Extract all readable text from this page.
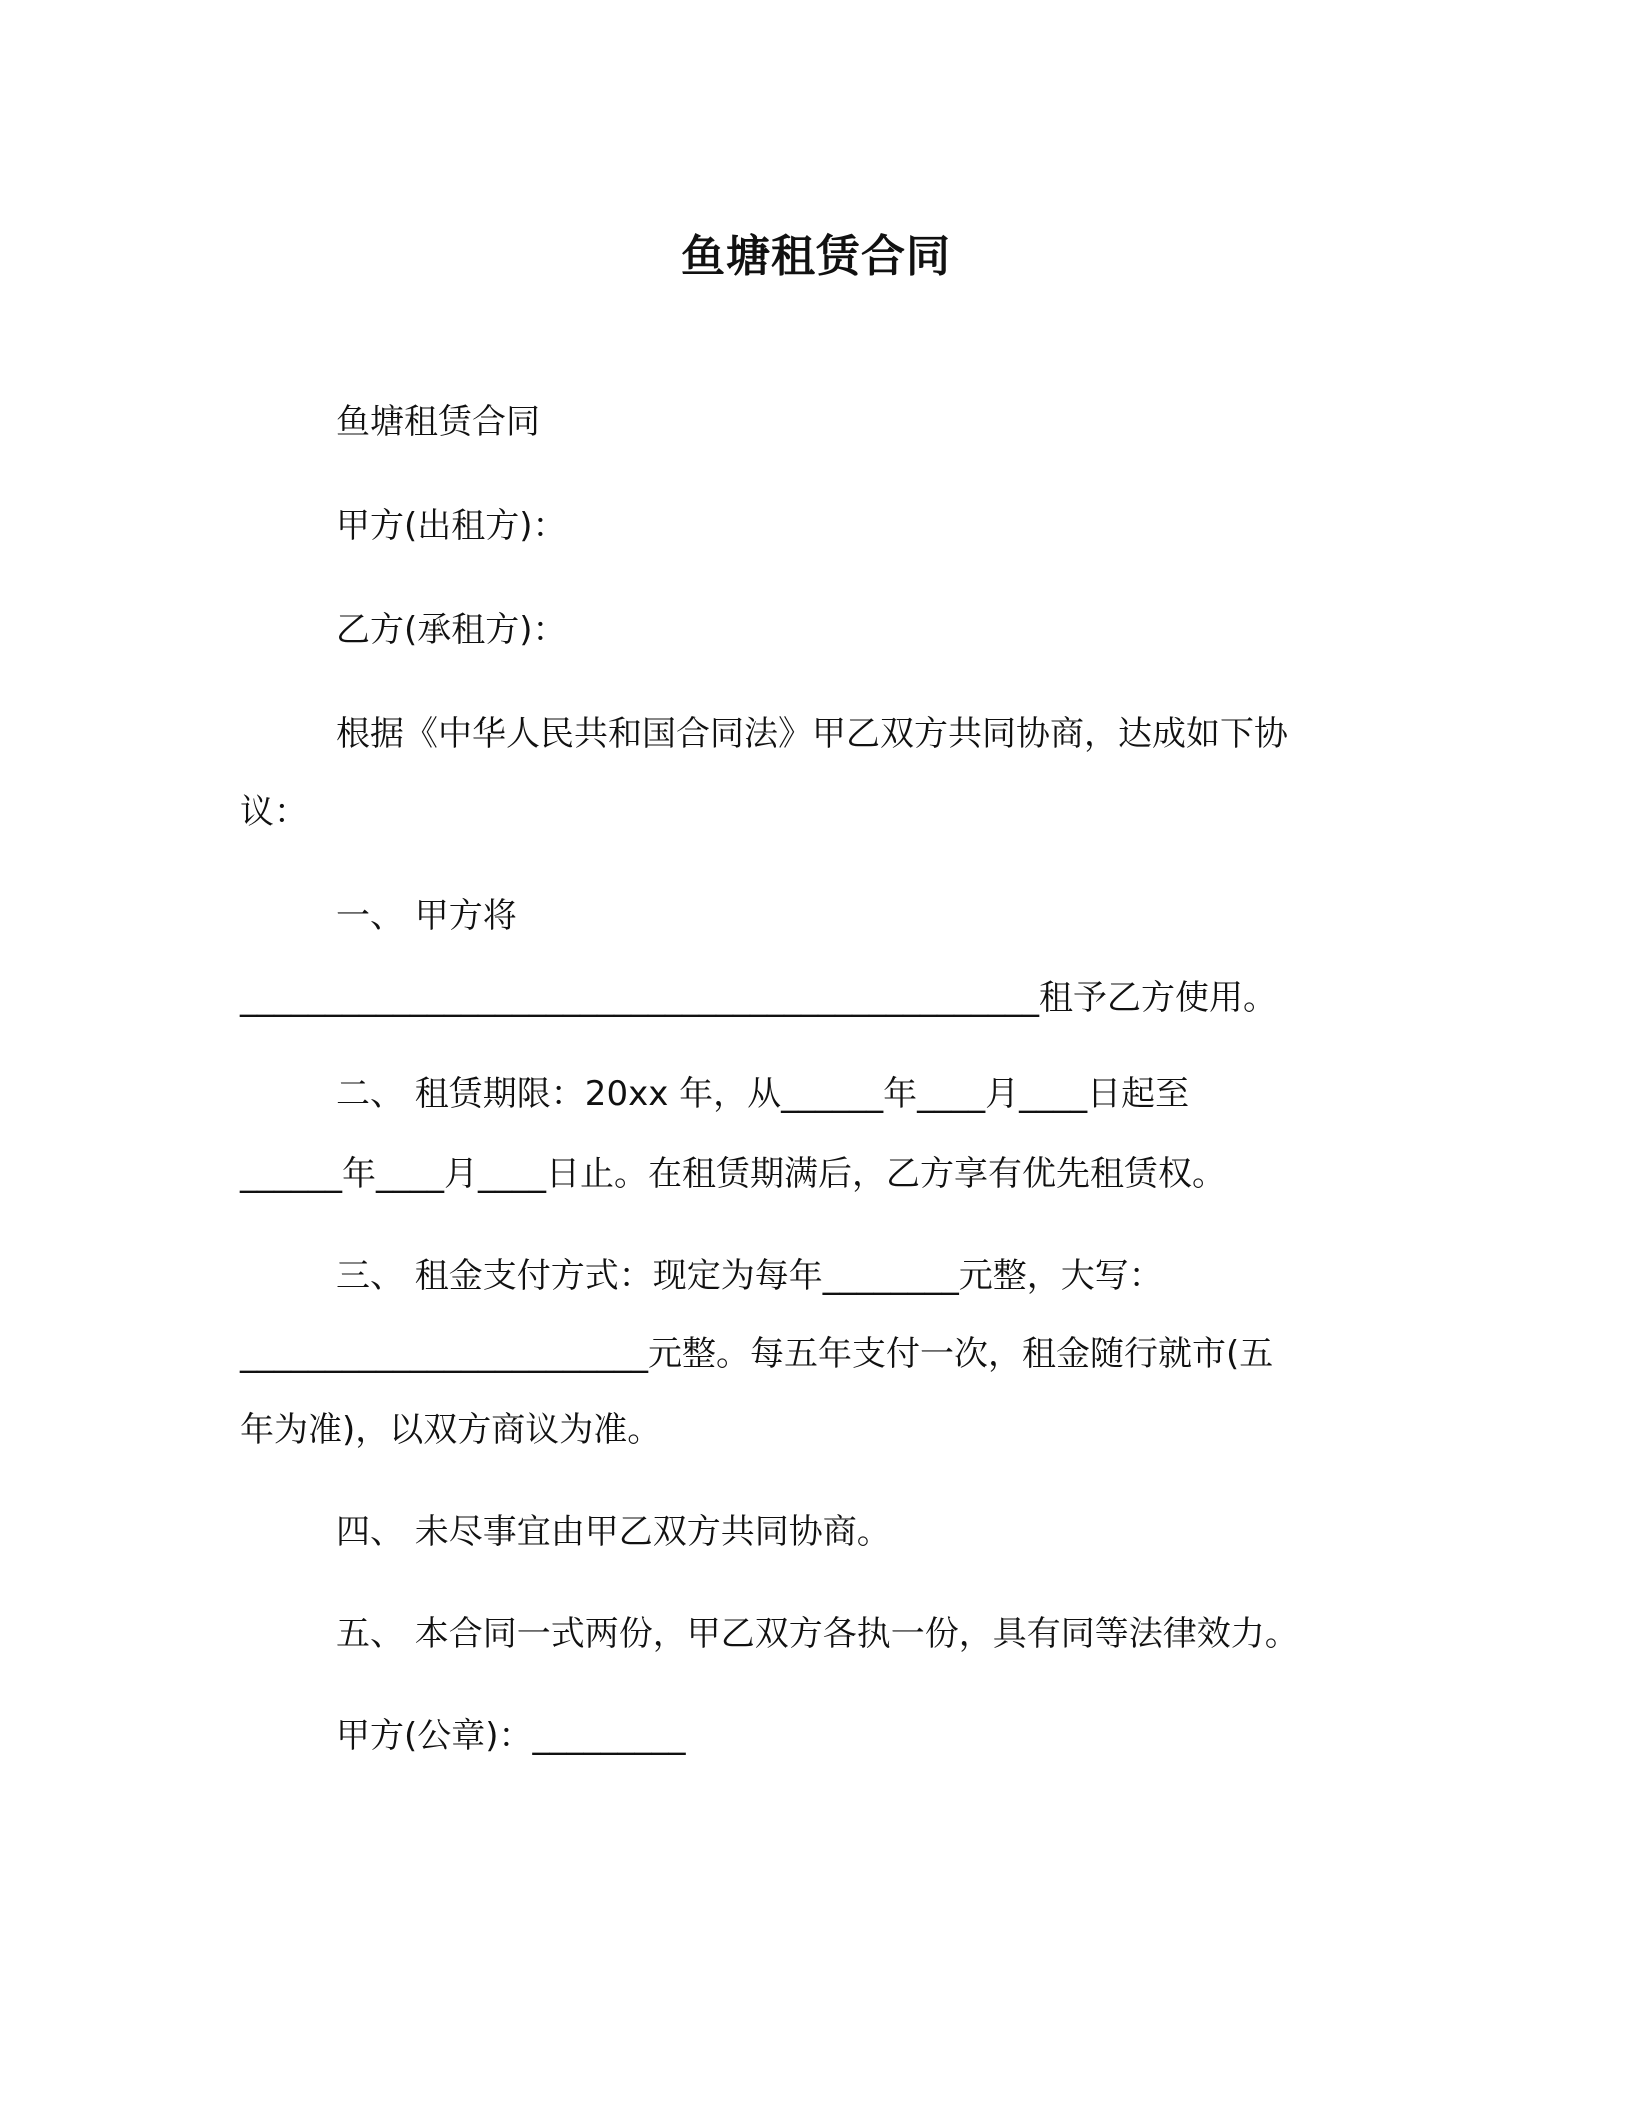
鱼塘租赁合同
鱼塘租赁合同
甲方(出租方)：
乙方(承租方)：
根据《中华人民共和国合同法》甲乙双方共同协商，达成如下协
议：
一、 甲方将
_______________________________________________租予乙方使用。
二、 租赁期限：20xx 年，从______年____月____日起至
______年____月____日止。在租赁期满后，乙方享有优先租赁权。
三、 租金支付方式：现定为每年________元整，大写：
________________________元整。每五年支付一次，租金随行就市(五
年为准)，以双方商议为准。
四、 未尽事宜由甲乙双方共同协商。
五、 本合同一式两份，甲乙双方各执一份，具有同等法律效力。
甲方(公章)：_________
